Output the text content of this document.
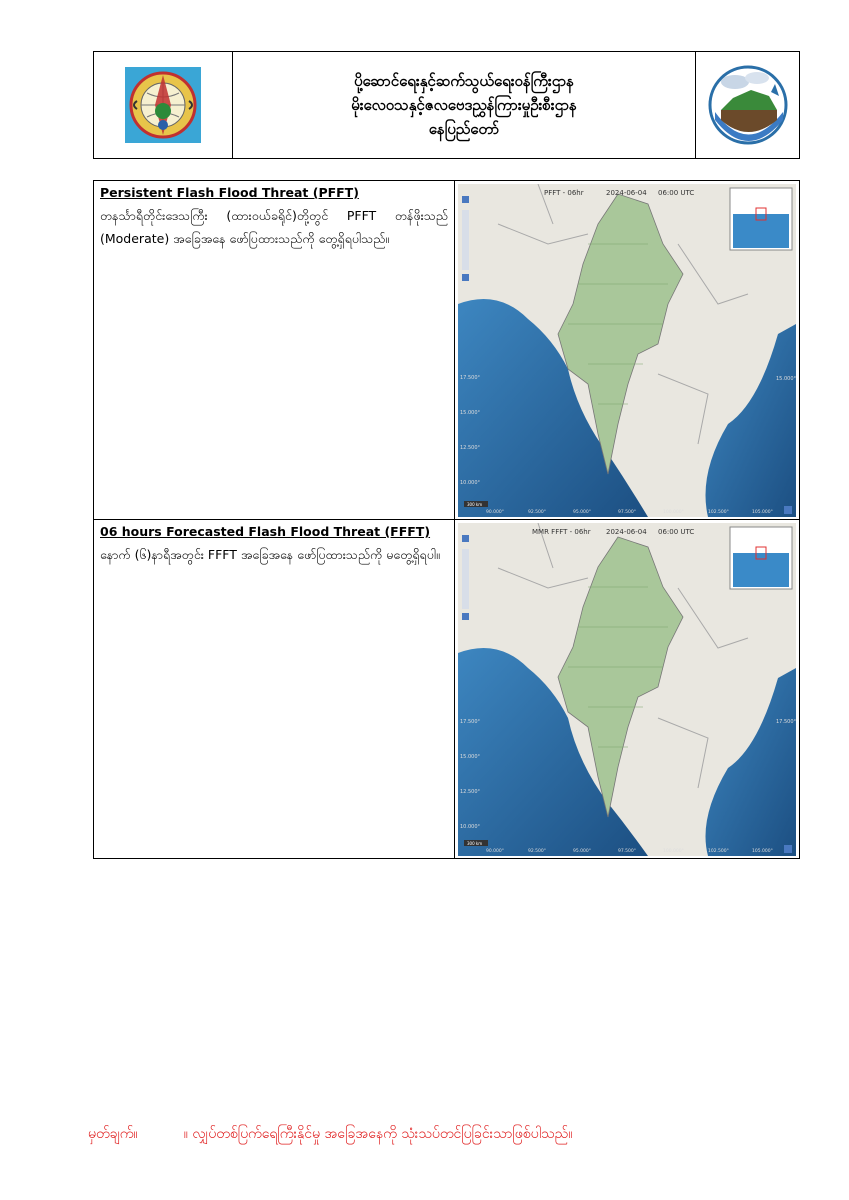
ပို့ဆောင်ရေးနှင့်ဆက်သွယ်ရေးဝန်ကြီးဌာန
မိုးလေဝသနှင့်ဇလဗေဒညွှန်ကြားမှုဦးစီးဌာန
နေပြည်တော်
Persistent Flash Flood Threat (PFFT)

တနင်္သာရီတိုင်းဒေသကြီး (ထားဝယ်ခရိုင်)တို့တွင် PFFT တန်ဖိုးသည် (Moderate) အခြေအနေ ဖော်ပြထားသည်ကို တွေ့ရှိရပါသည်။

PFFT - 06hr	2024-06-04 06:00 UTC
17.500°
15.000°
12.500°
10.000°
15.000°
90.000°	92.500°	95.000°	97.500°	100.000°	102.500°	105.000°
300 km
06 hours Forecasted Flash Flood Threat (FFFT)

နောက် (၆)နာရီအတွင်း FFFT အခြေအနေ ဖော်ပြထားသည်ကို မတွေ့ရှိရပါ။

MMR FFFT - 06hr 2024-06-04 06:00 UTC
17.500°
15.000°
12.500°
10.000°
17.500°
90.000°	92.500°	95.000°	97.500°	100.000°	102.500°	105.000°
300 km
မှတ်ချက်။	။ လျှပ်တစ်ပြက်ရေကြီးနိုင်မှု အခြေအနေကို သုံးသပ်တင်ပြခြင်းသာဖြစ်ပါသည်။
